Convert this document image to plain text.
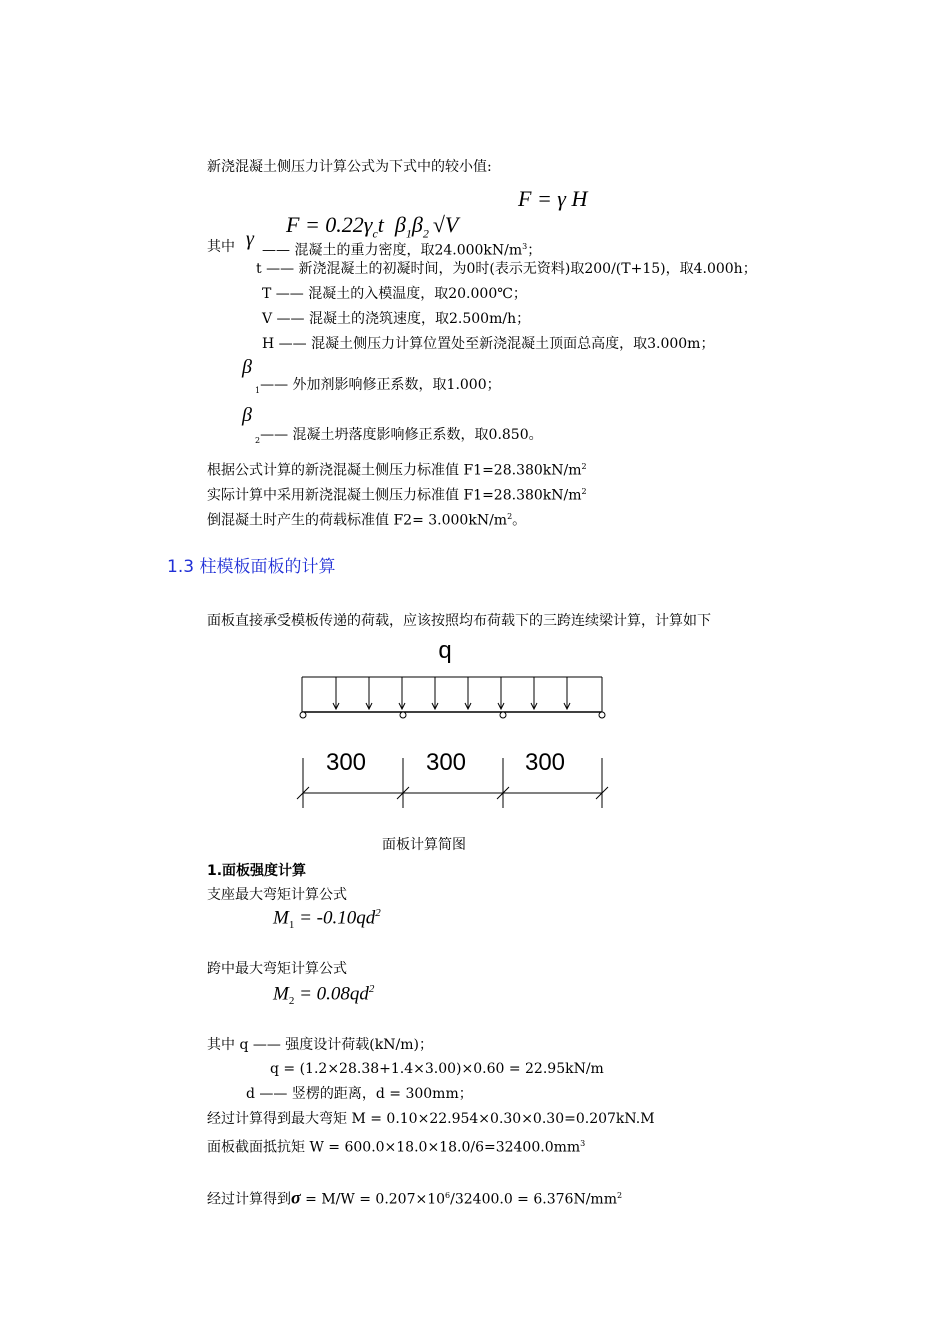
新浇混凝土侧压力计算公式为下式中的较小值:

$F = 0.22\gamma_ct$  $\beta_1\beta_2$ √V

F = γ H
其中 γ
—— 混凝土的重力密度，取$24.000kN/m^3$；
t —— 新浇混凝土的初凝时间，为0时(表示无资料)取200/(T+15)，取4.000h；
T —— 混凝土的入模温度，取20.000℃；
V —— 混凝土的浇筑速度，取2.500m/h；
H —— 混凝土侧压力计算位置处至新浇混凝土顶面总高度，取3.000m；
β
$_1$—— 外加剂影响修正系数，取1.000；
β
$_2$—— 混凝土坍落度影响修正系数，取0.850。
根据公式计算的新浇混凝土侧压力标准值 $F1=28.380kN/m^2$
实际计算中采用新浇混凝土侧压力标准值 $F1=28.380kN/m^2$
倒混凝土时产生的荷载标准值 $F2= 3.000kN/m^2$。
1.3 柱模板面板的计算
面板直接承受模板传递的荷载，应该按照均布荷载下的三跨连续梁计算，计算如下
q
300 300 300
面板计算简图
1.面板强度计算
支座最大弯矩计算公式
$M_1 = -0.10qd^2$
跨中最大弯矩计算公式
$M_2 = 0.08qd^2$
其中 q —— 强度设计荷载(kN/m)；
q = (1.2×28.38+1.4×3.00)×0.60 = 22.95kN/m
d —— 竖楞的距离，d = 300mm；
经过计算得到最大弯矩 M = 0.10×22.954×0.30×0.30=0.207kN.M
面板截面抵抗矩 $W = 600.0\times 18.0\times 18.0/6=32400.0mm^3$
经过计算得到$\sigma = M/W = 0.207\times 10^6/32400.0 = 6.376N/mm^2$
